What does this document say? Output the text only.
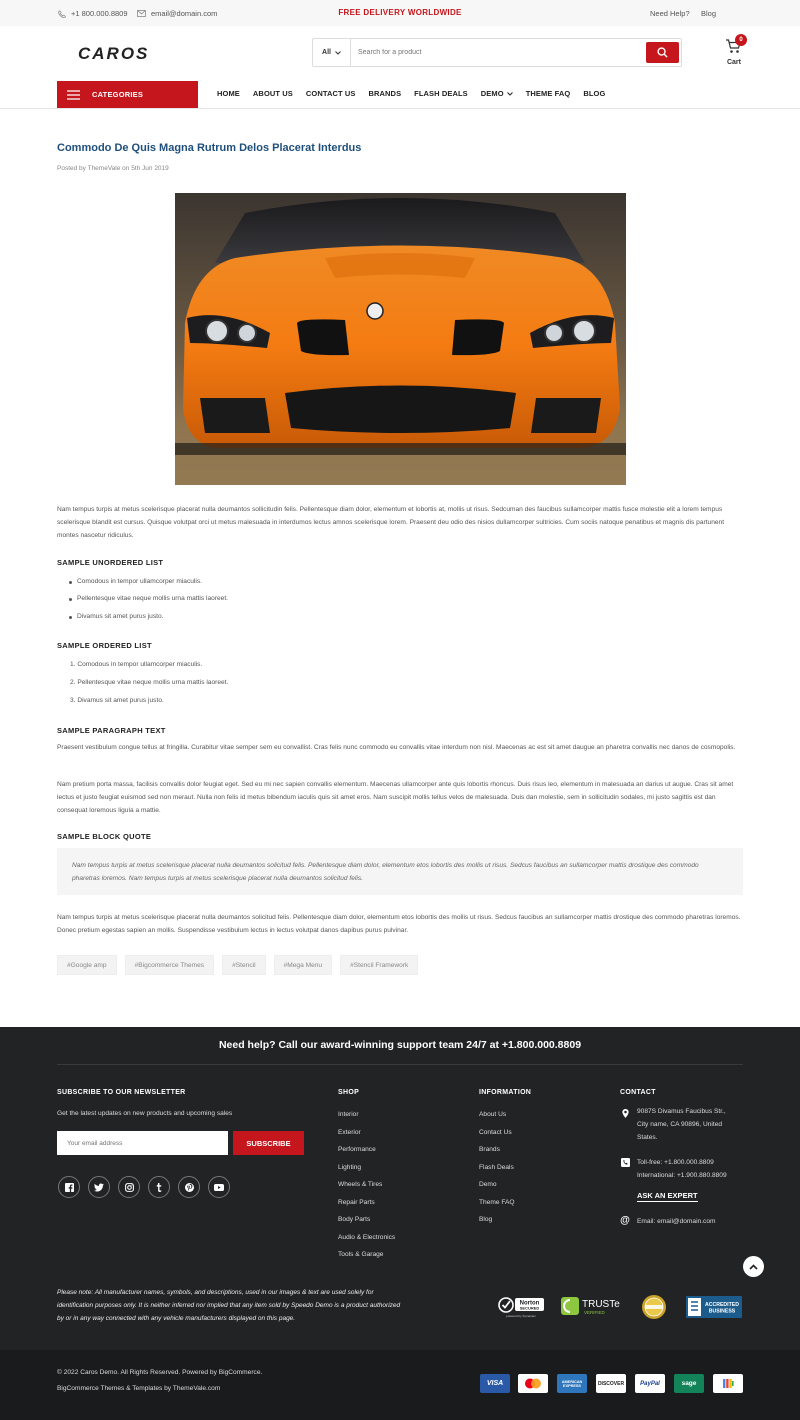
+1 800.000.8809	email@domain.com	FREE DELIVERY WORLDWIDE	Need Help? Blog
CAROS	All
Search for a product
0
Cart
CATEGORIES	HOME ABOUT US CONTACT US BRANDS FLASH DEALS DEMO	THEME FAQ BLOG
Commodo De Quis Magna Rutrum Delos Placerat Interdus
Posted by ThemeVale on 5th Jun 2019
Nam tempus turpis at metus scelerisque placerat nulla deumantos sollicitudin felis. Pellentesque diam dolor, elementum et lobortis at, mollis ut risus. Sedcuman des faucibus sullamcorper mattis fusce molestie elit a lorem tempus scelerisque blandit est cursus. Quisque volutpat orci ut metus malesuada in interdumos lectus amnos scelerisque lorem. Praesent deu odio des nisios dullamcorper sultricies. Cum sociis natoque penatibus et magnis dis partunent montes nascetur ridiculus.
SAMPLE UNORDERED LIST
Comodous in tempor ullamcorper miaculis.
Pellentesque vitae neque mollis urna mattis laoreet.
Divamus sit amet purus justo.
SAMPLE ORDERED LIST
1. Comodous in tempor ullamcorper miaculis.
2. Pellentesque vitae neque mollis urna mattis laoreet.
3. Divamus sit amet purus justo.
SAMPLE PARAGRAPH TEXT
Praesent vestibulum congue tellus at fringilla. Curabitur vitae semper sem eu convallist. Cras felis nunc commodo eu convallis vitae interdum non nisl. Maecenas ac est sit amet daugue an pharetra convallis nec danos de cosmopolis.
Nam pretium porta massa, facilisis convallis dolor feugiat eget. Sed eu mi nec sapien convallis elementum. Maecenas ullamcorper ante quis lobortis rhoncus. Duis risus leo, elementum in malesuada an darius ut augue. Cras sit amet lectus et justo feugiat euismod sed non meraut. Nulla non felis id metus bibendum iaculis quis sit amet eros. Nam suscipit mollis tellus velos de malesuada. Duis dan molestie, sem in sollicitudin sodales, mi justo sagittis est dan consequat loremous ligula a mattie.
SAMPLE BLOCK QUOTE
Nam tempus turpis at metus scelerisque placerat nulla deumantos solicitud felis. Pellentesque diam dolor, elementum etos lobortis des mollis ut risus. Sedcus faucibus an sullamcorper mattis drostique des commodo pharetras loremos. Nam tempus turpis at metus scelerisque placerat nulla deumantos solicitud felis.
Nam tempus turpis at metus scelerisque placerat nulla deumantos solicitud felis. Pellentesque diam dolor, elementum etos lobortis des mollis ut risus. Sedcus faucibus an sullamcorper mattis drostique des commodo pharetras loremos. Donec pretium egestas sapien an mollis. Suspendisse vestibulum lectus in lectus volutpat danos dapibus purus pulvinar.
#Google amp	#Bigcommerce Themes	#Stencil	#Mega Menu	#Stencil Framework
Need help? Call our award-winning support team 24/7 at +1.800.000.8809
SUBSCRIBE TO OUR NEWSLETTER
Get the latest updates on new products and upcoming sales
Your email address
SUBSCRIBE
SHOP
Interior
Exterior
Performance
Lighting
Wheels & Tires
Repair Parts
Body Parts
Audio & Electronics
Tools & Garage
INFORMATION
About Us
Contact Us
Brands
Flash Deals
Demo
Theme FAQ
Blog
CONTACT
9087S Divamus Faucibus Str.,
City name, CA 90896, United
States.
Toll-free: +1.800.000.8809
International: +1.900.880.8809
ASK AN EXPERT
@ Email: email@domain.com
Please note: All manufacturer names, symbols, and descriptions, used in our images & text are used solely for identification purposes only. It is neither inferred nor implied that any item sold by Speedo Demo is a product authorized by or in any way connected with any vehicle manufacturers displayed on this page.
Norton
SECURED
powered by Symantec
TRUSTe
VERIFIED
ACCREDITED
BUSINESS
© 2022 Caros Demo. All Rights Reserved. Powered by BigCommerce.
BigCommerce Themes & Templates by ThemeVale.com
VISA	AMERICAN EXPRESS	DISCOVER	PayPal	sage
